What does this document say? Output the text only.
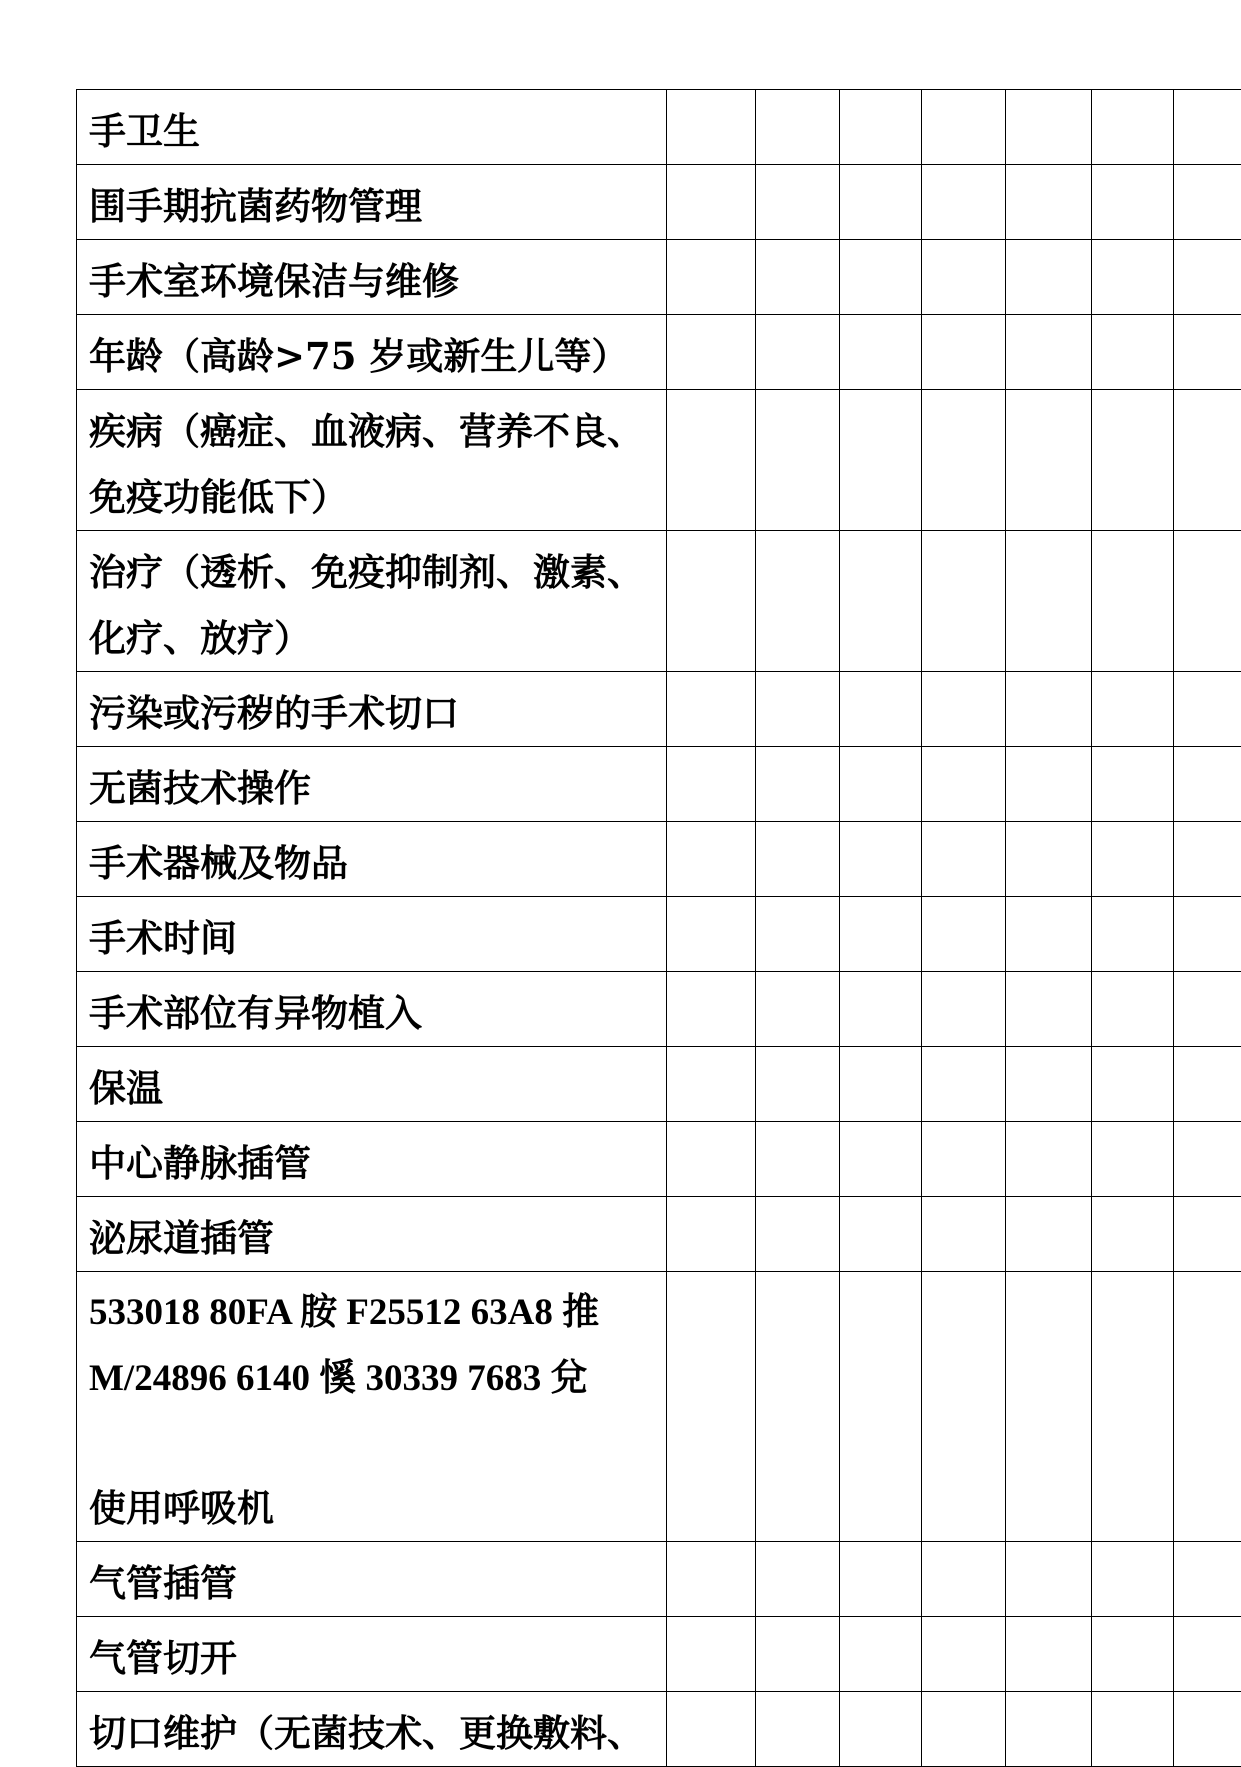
手卫生							

围手期抗菌药物管理							

手术室环境保洁与维修							

年龄（高龄>75 岁或新生儿等）							

疾病（癌症、血液病、营养不良、
免疫功能低下）							

治疗（透析、免疫抑制剂、激素、
化疗、放疗）							

污染或污秽的手术切口							

无菌技术操作							

手术器械及物品							

手术时间							

手术部位有异物植入							

保温							

中心静脉插管							

泌尿道插管							

533018 80FA 胺 F25512 63A8 推
M/24896 6140 慀 30339 7683 兌
使用呼吸机							

气管插管							

气管切开							

切口维护（无菌技术、更换敷料、							
